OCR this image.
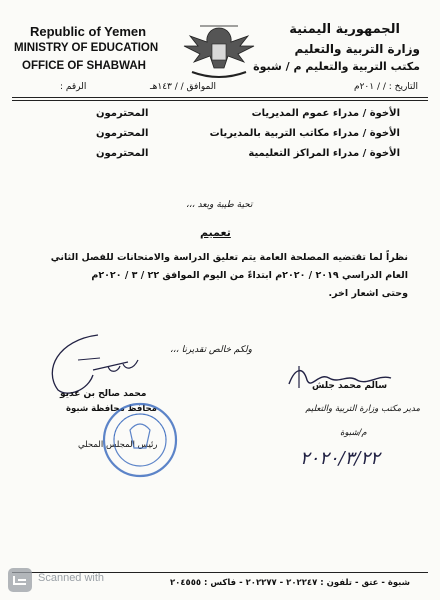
Republic of Yemen
MINISTRY OF EDUCATION
OFFICE OF SHABWAH
الجمهورية اليمنية
وزارة التربية والتعليم
مكتب التربية والتعليم م / شبوة
الرقم :	الموافق / / ١٤٣هـ	التاريخ : / / ٢٠١م
الأخوة / مدراء عموم المديريات
المحترمون
الأخوة / مدراء مكاتب التربية بالمديريات
المحترمون
الأخوة / مدراء المراكز التعليمية
المحترمون
تحية طيبة وبعد ،،،
تعميم
نظراً لما تقتضيه المصلحة العامة يتم تعليق الدراسة والامتحانات للفصل الثاني
العام الدراسي ٢٠١٩ / ٢٠٢٠م ابتداءً من اليوم الموافق ٢٢ / ٣ / ٢٠٢٠م
وحتى اشعار اخر.
ولكم خالص تقديرنا ،،،
محمد صالح بن عديو
محافظ محافظة شبوة
رئيس المجلس المحلي
سالم محمد جلش
مدير مكتب وزارة التربية والتعليم
م/شبوة
٢٠٢٠/٣/٢٢
شبوة - عتق - تلفون : ٢٠٢٢٤٧ - ٢٠٢٢٧٧ - فاكس : ٢٠٤٥٥٥
Scanned with
